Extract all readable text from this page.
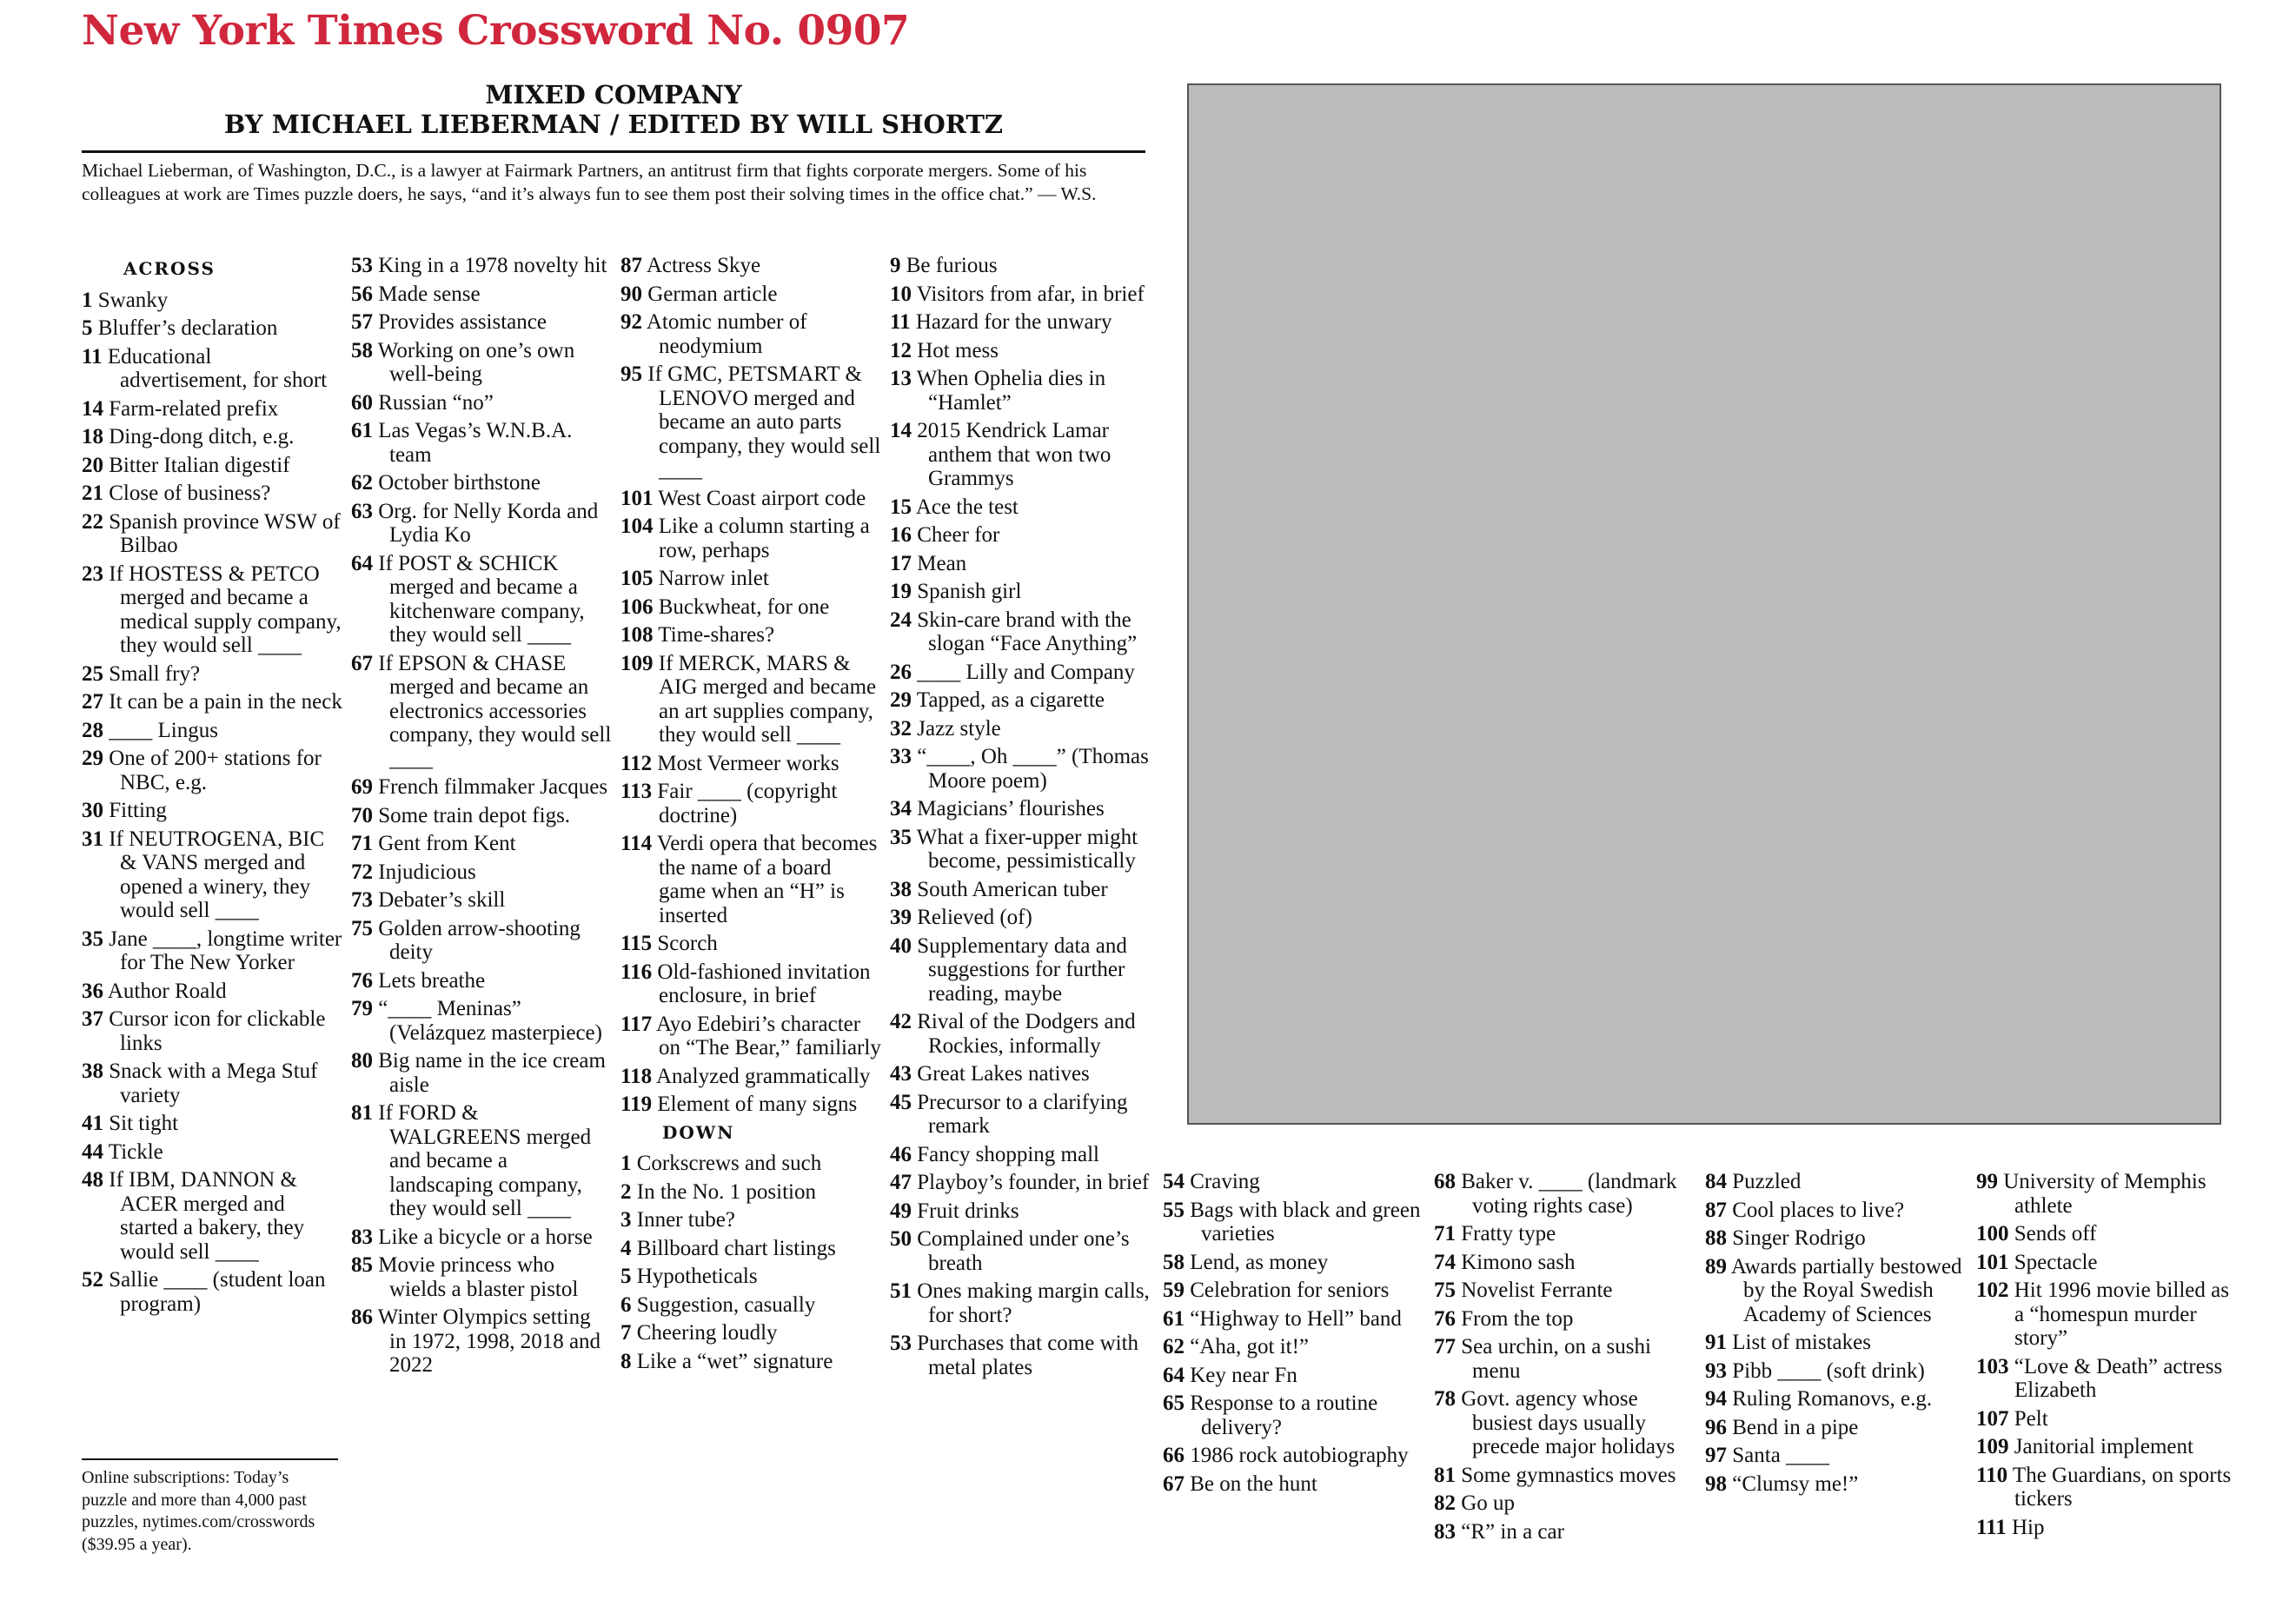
New York Times Crossword No. 0907
MIXED COMPANY
BY MICHAEL LIEBERMAN / EDITED BY WILL SHORTZ
Michael Lieberman, of Washington, D.C., is a lawyer at Fairmark Partners, an antitrust firm that fights corporate mergers. Some of his colleagues at work are Times puzzle doers, he says, “and it’s always fun to see them post their solving times in the office chat.” — W.S.
ACROSS
1 Swanky
5 Bluffer’s declaration
11 Educational advertisement, for short
14 Farm-related prefix
18 Ding-dong ditch, e.g.
20 Bitter Italian digestif
21 Close of business?
22 Spanish province WSW of Bilbao
23 If HOSTESS & PETCO merged and became a medical supply company, they would sell ____
25 Small fry?
27 It can be a pain in the neck
28 ____ Lingus
29 One of 200+ stations for NBC, e.g.
30 Fitting
31 If NEUTROGENA, BIC & VANS merged and opened a winery, they would sell ____
35 Jane ____, longtime writer for The New Yorker
36 Author Roald
37 Cursor icon for clickable links
38 Snack with a Mega Stuf variety
41 Sit tight
44 Tickle
48 If IBM, DANNON & ACER merged and started a bakery, they would sell ____
52 Sallie ____ (student loan program)
53 King in a 1978 novelty hit
56 Made sense
57 Provides assistance
58 Working on one’s own well-being
60 Russian “no”
61 Las Vegas’s W.N.B.A. team
62 October birthstone
63 Org. for Nelly Korda and Lydia Ko
64 If POST & SCHICK merged and became a kitchenware company, they would sell ____
67 If EPSON & CHASE merged and became an electronics accessories company, they would sell ____
69 French filmmaker Jacques
70 Some train depot figs.
71 Gent from Kent
72 Injudicious
73 Debater’s skill
75 Golden arrow-shooting deity
76 Lets breathe
79 “____ Meninas” (Velázquez masterpiece)
80 Big name in the ice cream aisle
81 If FORD & WALGREENS merged and became a landscaping company, they would sell ____
83 Like a bicycle or a horse
85 Movie princess who wields a blaster pistol
86 Winter Olympics setting in 1972, 1998, 2018 and 2022
87 Actress Skye
90 German article
92 Atomic number of neodymium
95 If GMC, PETSMART & LENOVO merged and became an auto parts company, they would sell ____
101 West Coast airport code
104 Like a column starting a row, perhaps
105 Narrow inlet
106 Buckwheat, for one
108 Time-shares?
109 If MERCK, MARS & AIG merged and became an art supplies company, they would sell ____
112 Most Vermeer works
113 Fair ____ (copyright doctrine)
114 Verdi opera that becomes the name of a board game when an “H” is inserted
115 Scorch
116 Old-fashioned invitation enclosure, in brief
117 Ayo Edebiri’s character on “The Bear,” familiarly
118 Analyzed grammatically
119 Element of many signs
DOWN
1 Corkscrews and such
2 In the No. 1 position
3 Inner tube?
4 Billboard chart listings
5 Hypotheticals
6 Suggestion, casually
7 Cheering loudly
8 Like a “wet” signature
9 Be furious
10 Visitors from afar, in brief
11 Hazard for the unwary
12 Hot mess
13 When Ophelia dies in “Hamlet”
14 2015 Kendrick Lamar anthem that won two Grammys
15 Ace the test
16 Cheer for
17 Mean
19 Spanish girl
24 Skin-care brand with the slogan “Face Anything”
26 ____ Lilly and Company
29 Tapped, as a cigarette
32 Jazz style
33 “____, Oh ____” (Thomas Moore poem)
34 Magicians’ flourishes
35 What a fixer-upper might become, pessimistically
38 South American tuber
39 Relieved (of)
40 Supplementary data and suggestions for further reading, maybe
42 Rival of the Dodgers and Rockies, informally
43 Great Lakes natives
45 Precursor to a clarifying remark
46 Fancy shopping mall
47 Playboy’s founder, in brief
49 Fruit drinks
50 Complained under one’s breath
51 Ones making margin calls, for short?
53 Purchases that come with metal plates
54 Craving
55 Bags with black and green varieties
58 Lend, as money
59 Celebration for seniors
61 “Highway to Hell” band
62 “Aha, got it!”
64 Key near Fn
65 Response to a routine delivery?
66 1986 rock autobiography
67 Be on the hunt
68 Baker v. ____ (landmark voting rights case)
71 Fratty type
74 Kimono sash
75 Novelist Ferrante
76 From the top
77 Sea urchin, on a sushi menu
78 Govt. agency whose busiest days usually precede major holidays
81 Some gymnastics moves
82 Go up
83 “R” in a car
84 Puzzled
87 Cool places to live?
88 Singer Rodrigo
89 Awards partially bestowed by the Royal Swedish Academy of Sciences
91 List of mistakes
93 Pibb ____ (soft drink)
94 Ruling Romanovs, e.g.
96 Bend in a pipe
97 Santa ____
98 “Clumsy me!”
99 University of Memphis athlete
100 Sends off
101 Spectacle
102 Hit 1996 movie billed as a “homespun murder story”
103 “Love & Death” actress Elizabeth
107 Pelt
109 Janitorial implement
110 The Guardians, on sports tickers
111 Hip
Online subscriptions: Today’s puzzle and more than 4,000 past puzzles, nytimes.com/crosswords ($39.95 a year).
